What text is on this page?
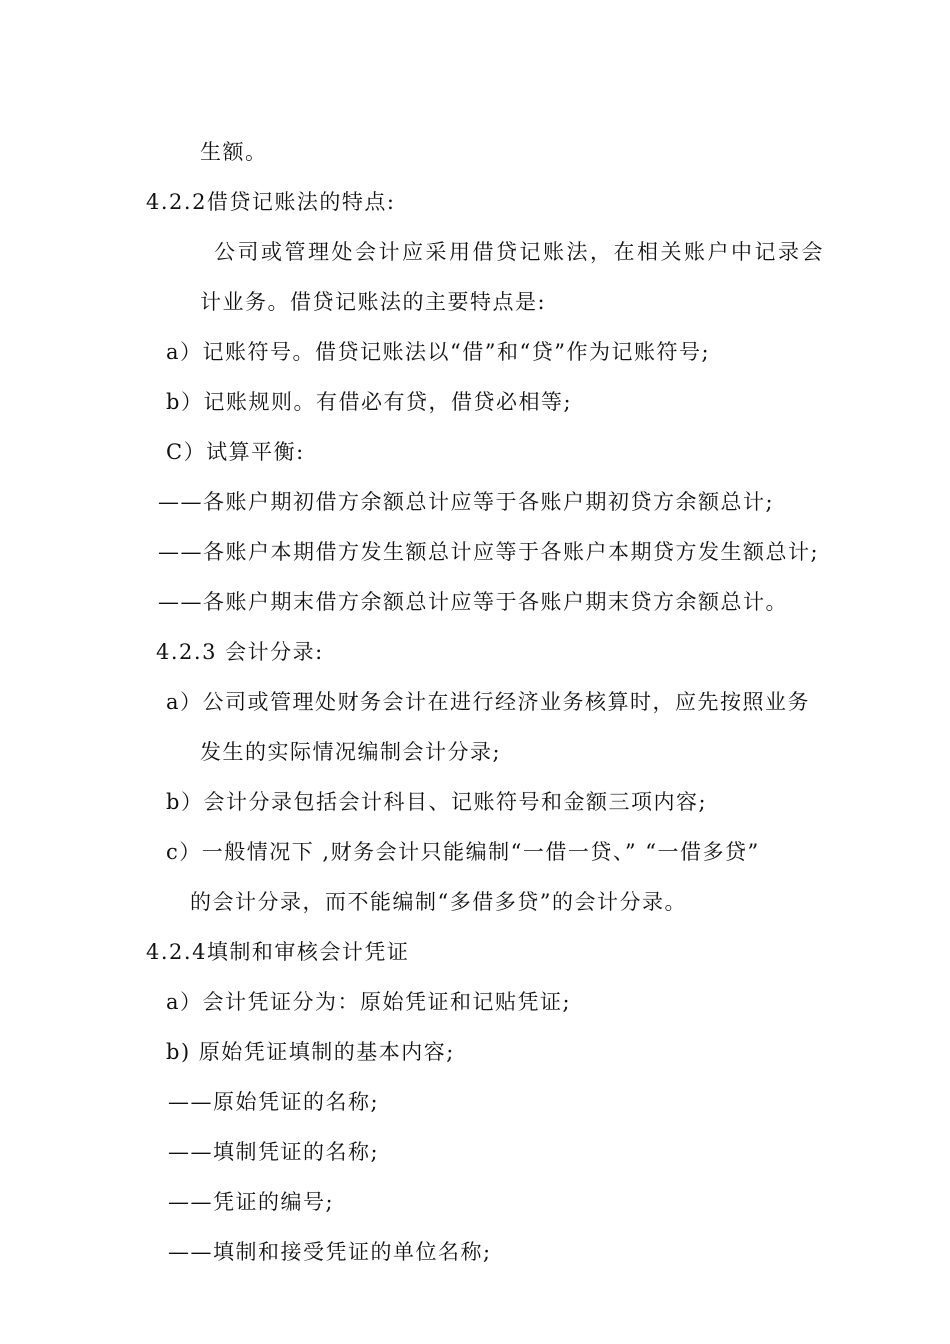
生额。
4.2.2借贷记账法的特点:
公司或管理处会计应采用借贷记账法，在相关账户中记录会
计业务。借贷记账法的主要特点是:
a）记账符号。借贷记账法以“借”和“贷”作为记账符号;
b）记账规则。有借必有贷，借贷必相等;
C）试算平衡:
——各账户期初借方余额总计应等于各账户期初贷方余额总计;
——各账户本期借方发生额总计应等于各账户本期贷方发生额总计;
——各账户期末借方余额总计应等于各账户期末贷方余额总计。
4.2.3 会计分录:
a）公司或管理处财务会计在进行经济业务核算时，应先按照业务
发生的实际情况编制会计分录;
b）会计分录包括会计科目、记账符号和金额三项内容;
c）一般情况下 ,财务会计只能编制“一借一贷、” “一借多贷”
的会计分录，而不能编制“多借多贷”的会计分录。
4.2.4填制和审核会计凭证
a）会计凭证分为：原始凭证和记贴凭证;
b) 原始凭证填制的基本内容;
——原始凭证的名称;
——填制凭证的名称;
——凭证的编号;
——填制和接受凭证的单位名称;
